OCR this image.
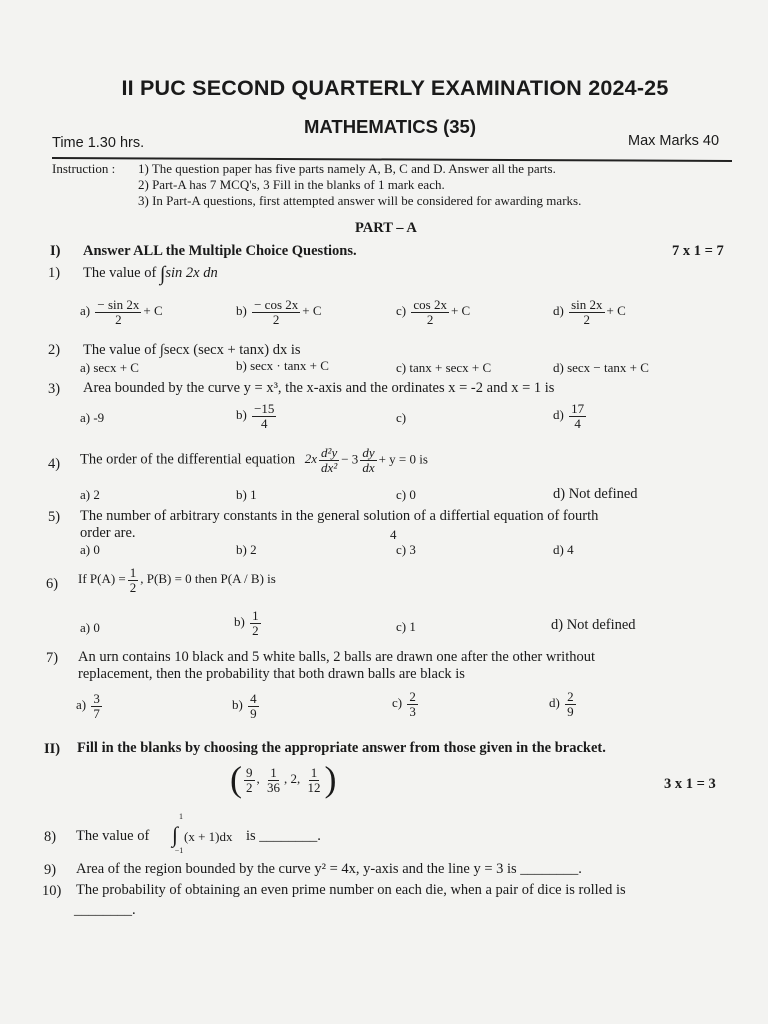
II PUC SECOND QUARTERLY EXAMINATION 2024-25
MATHEMATICS (35)
Time 1.30 hrs.	Max Marks 40
Instruction : 1) The question paper has five parts namely A, B, C and D. Answer all the parts.
2) Part-A has 7 MCQ's, 3 Fill in the blanks of 1 mark each.
3) In Part-A questions, first attempted answer will be considered for awarding marks.
PART – A
I) Answer ALL the Multiple Choice Questions.	7 x 1 = 7
1) The value of ∫sin 2x dn
$a) \frac{- \sin 2x}{2} + C$	$b) \frac{- \cos 2x}{2} + C$	$c) \frac{\cos 2x}{2} + C$	$d) \frac{\sin 2x}{2} + C$
2) The value of ∫secx (secx + tanx) dx is
a) secx + C	b) secx · tanx + C	c) tanx + secx + C	d) secx − tanx + C
3) Area bounded by the curve y = x³, the x-axis and the ordinates x = -2 and x = 1 is
a) -9	$b) \frac{-15}{4}$	c)	$d) \frac{17}{4}$
4) The order of the differential equation $2x \frac{\text{d²y}}{\text{dx²}} - 3 \frac{dy}{dx} + y = 0$ is
a) 2	b) 1	c) 0	d) Not defined
5) The number of arbitrary constants in the general solution of a differtial equation of fourth
4
order are.
a) 0	b) 2	c) 3	d) 4
6) If $P(A) = \frac{1}{2}$ , P(B) = 0 then P(A / B) is
a) 0	$b) \frac{1}{2}$	c) 1	d) Not defined
7) An urn contains 10 black and 5 white balls, 2 balls are drawn one after the other writhout
replacement, then the probability that both drawn balls are black is
$a) \frac{3}{7}$	$b) \frac{4}{9}$	$c) \frac{2}{3}$	$d) \frac{2}{9}$
II) Fill in the blanks by choosing the appropriate answer from those given in the bracket.
( $\frac{9}{2}$ , $\frac{1}{36}$ , 2, $\frac{1}{12}$ )	3 x 1 = 3
8) The value of
1
∫
−1
(x + 1)dx is ________.
9) Area of the region bounded by the curve y² = 4x, y-axis and the line y = 3 is ________.
10) The probability of obtaining an even prime number on each die, when a pair of dice is rolled is
________.
